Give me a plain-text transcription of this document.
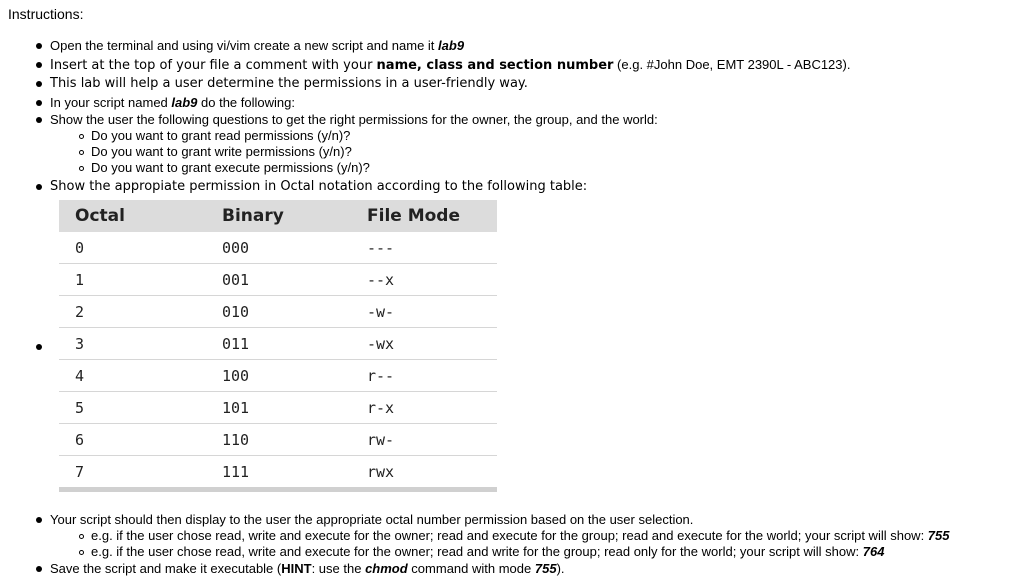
Instructions:
Open the terminal and using vi/vim create a new script and name it lab9
Insert at the top of your file a comment with your name, class and section number (e.g. #John Doe, EMT 2390L - ABC123).
This lab will help a user determine the permissions in a user-friendly way.
In your script named lab9 do the following:
Show the user the following questions to get the right permissions for the owner, the group, and the world:
Do you want to grant read permissions (y/n)?
Do you want to grant write permissions (y/n)?
Do you want to grant execute permissions (y/n)?
Show the appropiate permission in Octal notation according to the following table:
Octal	Binary	File Mode
0	000	---
1	001	--x
2	010	-w-
3	011	-wx
4	100	r--
5	101	r-x
6	110	rw-
7	111	rwx
Your script should then display to the user the appropriate octal number permission based on the user selection.
e.g. if the user chose read, write and execute for the owner; read and execute for the group; read and execute for the world; your script will show: 755
e.g. if the user chose read, write and execute for the owner; read and write for the group; read only for the world; your script will show: 764
Save the script and make it executable (HINT: use the chmod command with mode 755).
